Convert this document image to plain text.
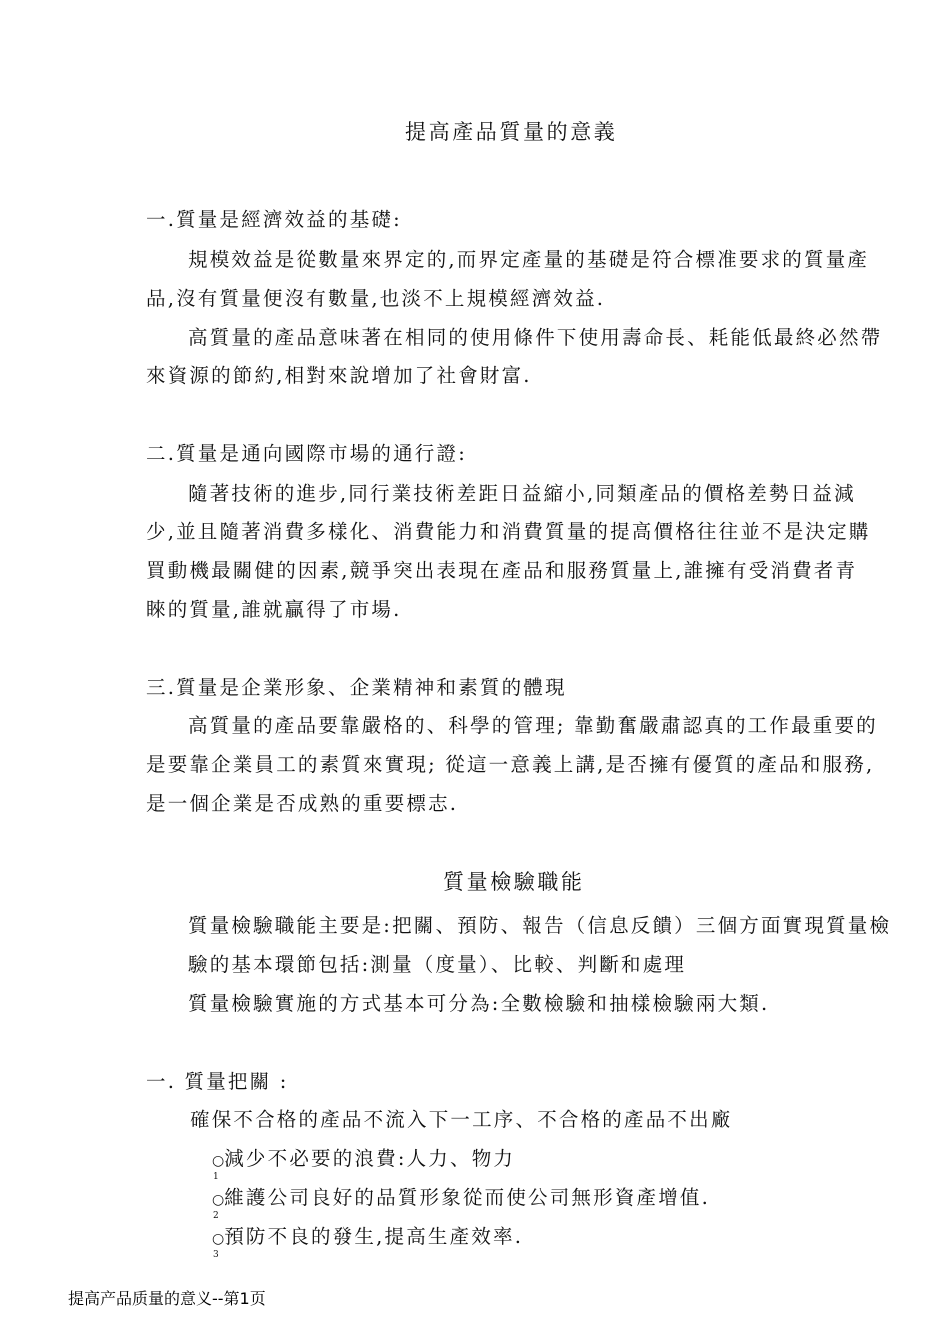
提高產品質量的意義
一.質量是經濟效益的基礎:
規模效益是從數量來界定的,而界定產量的基礎是符合標准要求的質量產
品,沒有質量便沒有數量,也淡不上規模經濟效益.
高質量的產品意味著在相同的使用條件下使用壽命長、耗能低最終必然帶
來資源的節約,相對來說增加了社會財富.
二.質量是通向國際市場的通行證:
隨著技術的進步,同行業技術差距日益縮小,同類產品的價格差勢日益減
少,並且隨著消費多樣化、消費能力和消費質量的提高價格往往並不是決定購
買動機最關健的因素,競爭突出表現在產品和服務質量上,誰擁有受消費者青
睞的質量,誰就贏得了市場.
三.質量是企業形象、企業精神和素質的體現
高質量的產品要靠嚴格的、科學的管理; 靠勤奮嚴肅認真的工作最重要的
是要靠企業員工的素質來實現; 從這一意義上講,是否擁有優質的產品和服務,
是一個企業是否成熟的重要標志.
質量檢驗職能
質量檢驗職能主要是:把關、預防、報告（信息反饋）三個方面實現質量檢
驗的基本環節包括:測量（度量）、比較、判斷和處理
質量檢驗實施的方式基本可分為:全數檢驗和抽樣檢驗兩大類.
一. 質量把關 :
確保不合格的產品不流入下一工序、不合格的產品不出廠
○
1
減少不必要的浪費:人力、物力
○
2
維護公司良好的品質形象從而使公司無形資產增值.
○
3
預防不良的發生,提高生產效率.
提高产品质量的意义--第1页
